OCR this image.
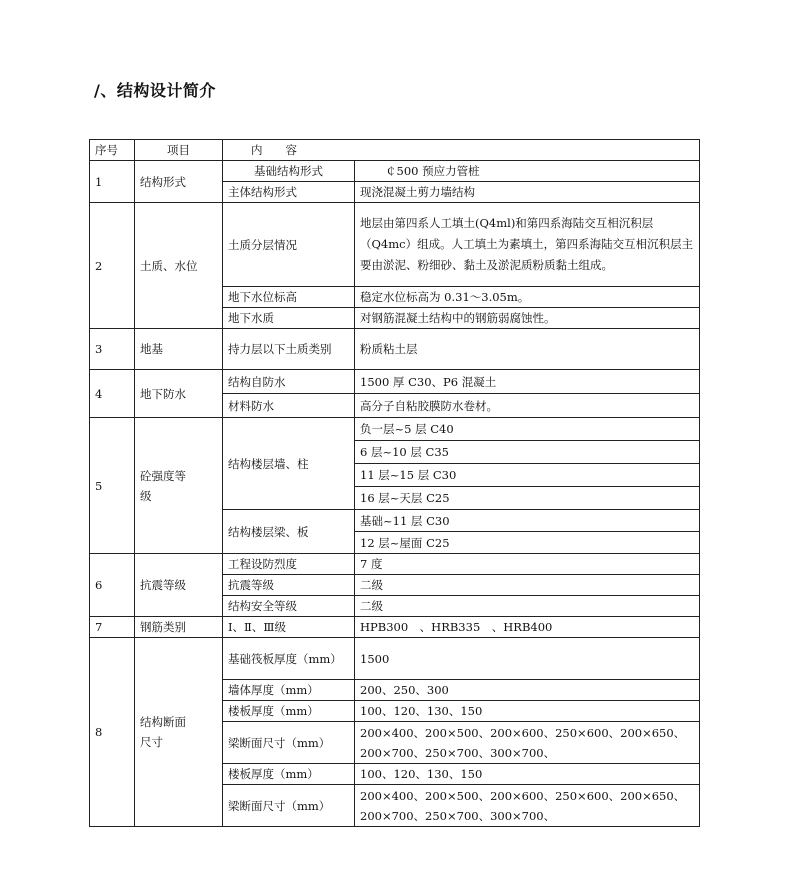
/、结构设计简介
序号	项目	内　　容	
1	结构形式	基础结构形式	￠500 预应力管桩
		主体结构形式	现浇混凝土剪力墙结构
2	土质、水位	土质分层情况	地层由第四系人工填土(Q4ml)和第四系海陆交互相沉积层（Q4mc）组成。人工填土为素填土，第四系海陆交互相沉积层主要由淤泥、粉细砂、黏土及淤泥质粉质黏土组成。
		地下水位标高	稳定水位标高为 0.31～3.05m。
		地下水质	对钢筋混凝土结构中的钢筋弱腐蚀性。
3	地基	持力层以下土质类别	粉质粘土层
4	地下防水	结构自防水	1500 厚 C30、P6 混凝土
		材料防水	高分子自粘胶膜防水卷材。
5	砼强度等级	结构楼层墙、柱	负一层~5 层 C40
			6 层~10 层 C35
			11 层~15 层 C30
			16 层~天层 C25
		结构楼层梁、板	基础~11 层 C30
			12 层~屋面 C25
6	抗震等级	工程设防烈度	7 度
		抗震等级	二级
		结构安全等级	二级
7	钢筋类别	Ⅰ、Ⅱ、Ⅲ级	HPB300　、HRB335　、HRB400
8	结构断面尺寸	基础筏板厚度（mm）	1500
		墙体厚度（mm）	200、250、300
		楼板厚度（mm）	100、120、130、150
		梁断面尺寸（mm）	200×400、200×500、200×600、250×600、200×650、200×700、250×700、300×700、
		楼板厚度（mm）	100、120、130、150
		梁断面尺寸（mm）	200×400、200×500、200×600、250×600、200×650、200×700、250×700、300×700、
